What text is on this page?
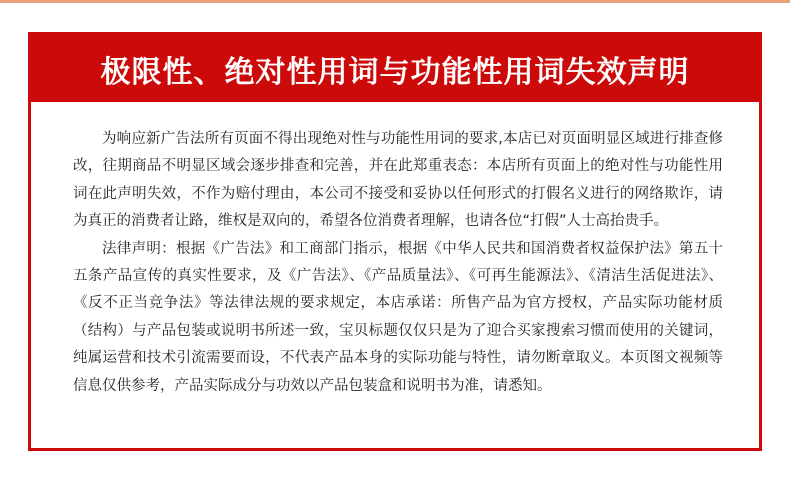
极限性、绝对性用词与功能性用词失效声明

为响应新广告法所有页面不得出现绝对性与功能性用词的要求,本店已对页面明显区域进行排查修改，往期商品不明显区域会逐步排查和完善，并在此郑重表态：本店所有页面上的绝对性与功能性用词在此声明失效，不作为赔付理由，本公司不接受和妥协以任何形式的打假名义进行的网络欺诈，请为真正的消费者让路，维权是双向的，希望各位消费者理解，也请各位“打假”人士高抬贵手。

法律声明：根据《广告法》和工商部门指示，根据《中华人民共和国消费者权益保护法》第五十五条产品宣传的真实性要求，及《广告法》、《产品质量法》、《可再生能源法》、《清洁生活促进法》、《反不正当竞争法》等法律法规的要求规定，本店承诺：所售产品为官方授权，产品实际功能材质（结构）与产品包装或说明书所述一致，宝贝标题仅仅只是为了迎合买家搜索习惯而使用的关键词，纯属运营和技术引流需要而设，不代表产品本身的实际功能与特性，请勿断章取义。本页图文视频等信息仅供参考，产品实际成分与功效以产品包装盒和说明书为准，请悉知。
